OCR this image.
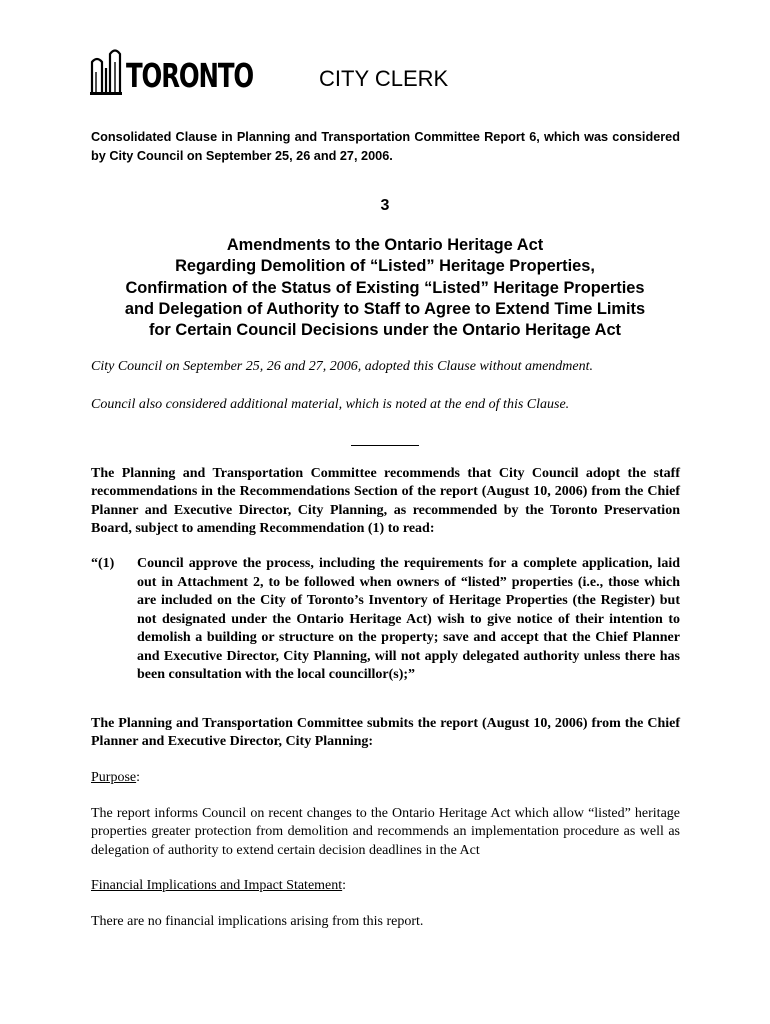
TORONTO	CITY CLERK
Consolidated Clause in Planning and Transportation Committee Report 6, which was considered by City Council on September 25, 26 and 27, 2006.
3
Amendments to the Ontario Heritage Act
Regarding Demolition of “Listed” Heritage Properties,
Confirmation of the Status of Existing “Listed” Heritage Properties
and Delegation of Authority to Staff to Agree to Extend Time Limits
for Certain Council Decisions under the Ontario Heritage Act
City Council on September 25, 26 and 27, 2006, adopted this Clause without amendment.
Council also considered additional material, which is noted at the end of this Clause.
The Planning and Transportation Committee recommends that City Council adopt the staff recommendations in the Recommendations Section of the report (August 10, 2006) from the Chief Planner and Executive Director, City Planning, as recommended by the Toronto Preservation Board, subject to amending Recommendation (1) to read:
“(1) Council approve the process, including the requirements for a complete application, laid out in Attachment 2, to be followed when owners of “listed” properties (i.e., those which are included on the City of Toronto’s Inventory of Heritage Properties (the Register) but not designated under the Ontario Heritage Act) wish to give notice of their intention to demolish a building or structure on the property; save and accept that the Chief Planner and Executive Director, City Planning, will not apply delegated authority unless there has been consultation with the local councillor(s);”
The Planning and Transportation Committee submits the report (August 10, 2006) from the Chief Planner and Executive Director, City Planning:
Purpose:
The report informs Council on recent changes to the Ontario Heritage Act which allow “listed” heritage properties greater protection from demolition and recommends an implementation procedure as well as delegation of authority to extend certain decision deadlines in the Act
Financial Implications and Impact Statement:
There are no financial implications arising from this report.
